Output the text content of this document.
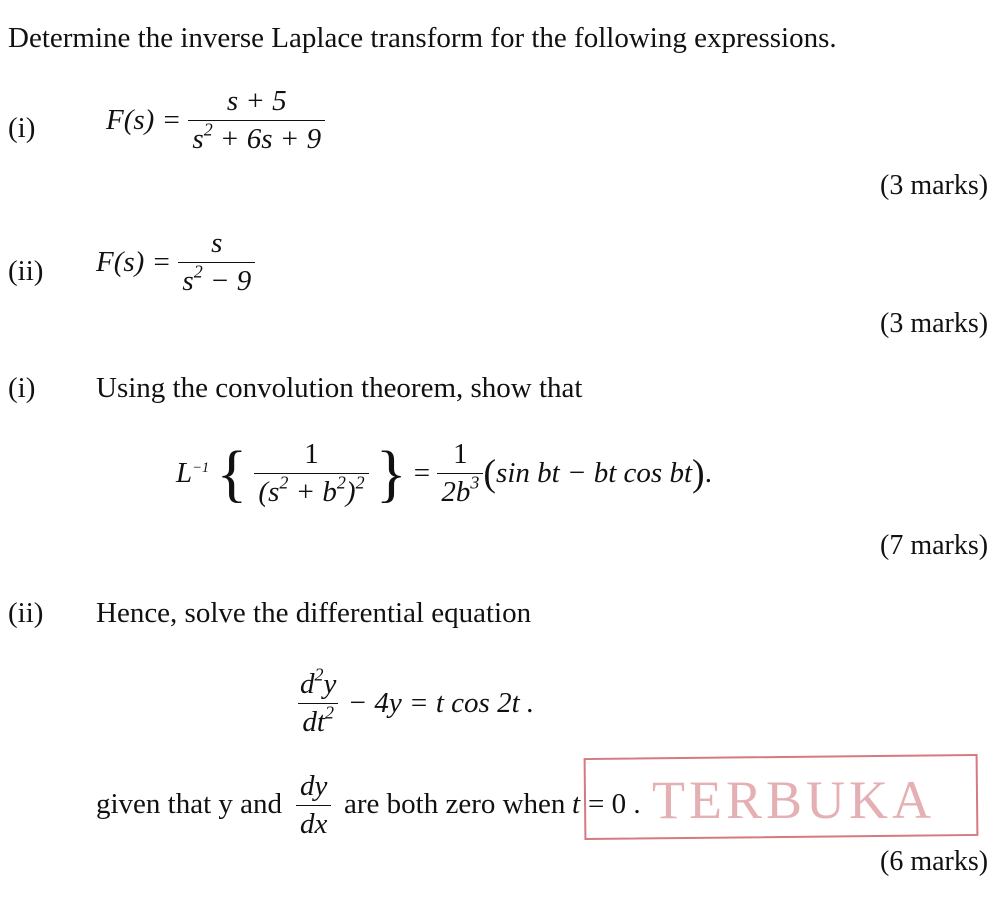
Determine the inverse Laplace transform for the following expressions.
(i) $F(s) = \frac{s + 5}{s^2 + 6s + 9}$
(3 marks)
(ii) $F(s) = \frac{s}{s^2 - 9}$
(3 marks)
(i) Using the convolution theorem, show that
$L^{-1}$ { $\frac{1}{(s^2 + b^2)^2}$ } = $\frac{1}{2b^3} (\sin$ bt − bt cos bt).
(7 marks)
(ii) Hence, solve the differential equation
$\frac{d^2y}{dt^2} - 4y = t$ cos 2t .
given that y and $\frac{dy}{dx}$ are both zero when t = 0 . TERBUKA
(6 marks)
